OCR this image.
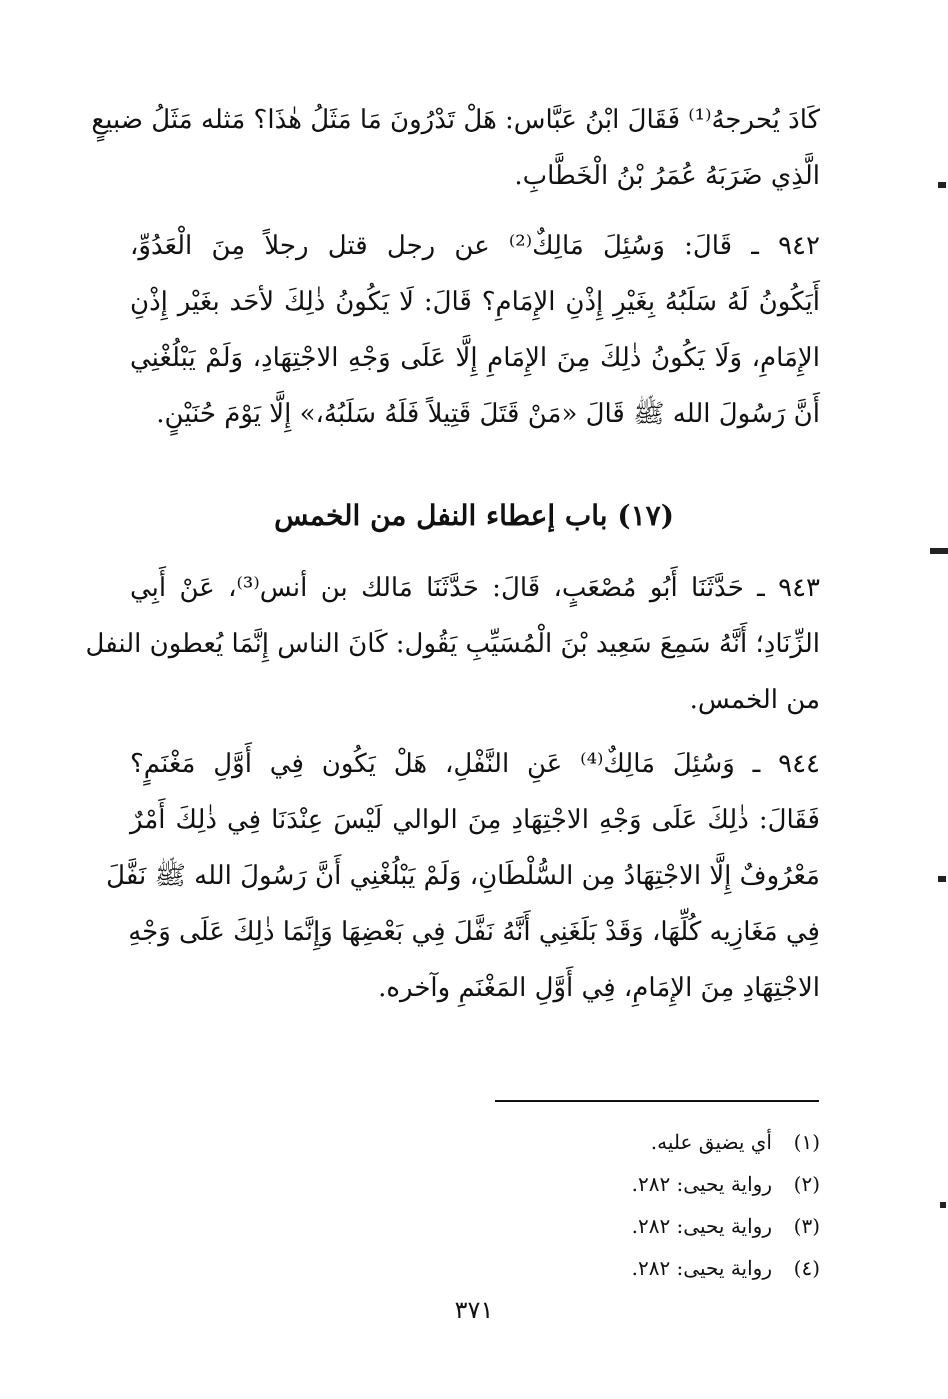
كَادَ يُحرجهُ⁽¹⁾ فَقَالَ ابْنُ عَبَّاس: هَلْ تَدْرُونَ مَا مَثَلُ هٰذَا؟ مَثله مَثَلُ ضبيعٍ
الَّذِي ضَرَبَهُ عُمَرُ بْنُ الْخَطَّابِ.
٩٤٢ ـ قَالَ: وَسُئِلَ مَالِكٌ⁽²⁾ عن رجل قتل رجلاً مِنَ الْعَدُوِّ،
أَيَكُونُ لَهُ سَلَبُهُ بِغَيْرِ إِذْنِ الإِمَامِ؟ قَالَ: لَا يَكُونُ ذٰلِكَ لأحَد بغَيْر إِذْنِ
الإِمَامِ، وَلَا يَكُونُ ذٰلِكَ مِنَ الإِمَامِ إِلَّا عَلَى وَجْهِ الاجْتِهَادِ، وَلَمْ يَبْلُغْنِي
أَنَّ رَسُولَ الله ﷺ قَالَ «مَنْ قَتَلَ قَتِيلاً فَلَهُ سَلَبُهُ،» إِلَّا يَوْمَ حُنَيْنٍ.
(١٧) باب إعطاء النفل من الخمس
٩٤٣ ـ حَدَّثَنَا أَبُو مُصْعَبٍ، قَالَ: حَدَّثَنَا مَالك بن أنس⁽³⁾، عَنْ أَبِي
الزِّنَادِ؛ أَنَّهُ سَمِعَ سَعِيد بْنَ الْمُسَيِّبِ يَقُول: كَانَ الناس إِنَّمَا يُعطون النفل
من الخمس.
٩٤٤ ـ وَسُئِلَ مَالِكٌ⁽⁴⁾ عَنِ النَّفْلِ، هَلْ يَكُون فِي أَوَّلِ مَغْنَمٍ؟
فَقَالَ: ذٰلِكَ عَلَى وَجْهِ الاجْتِهَادِ مِنَ الوالي لَيْسَ عِنْدَنَا فِي ذٰلِكَ أَمْرٌ
مَعْرُوفٌ إِلَّا الاجْتِهَادُ مِن السُّلْطَانِ، وَلَمْ يَبْلُغْنِي أَنَّ رَسُولَ الله ﷺ نَفَّلَ
فِي مَغَازِيه كُلِّهَا، وَقَدْ بَلَغَنِي أَنَّهُ نَفَّلَ فِي بَعْضِهَا وَإِنَّمَا ذٰلِكَ عَلَى وَجْهِ
الاجْتِهَادِ مِنَ الإِمَامِ، فِي أَوَّلِ المَغْنَمِ وآخره.
(١)أي يضيق عليه.
(٢)رواية يحيى: ٢٨٢.
(٣)رواية يحيى: ٢٨٢.
(٤)رواية يحيى: ٢٨٢.
٣٧١
